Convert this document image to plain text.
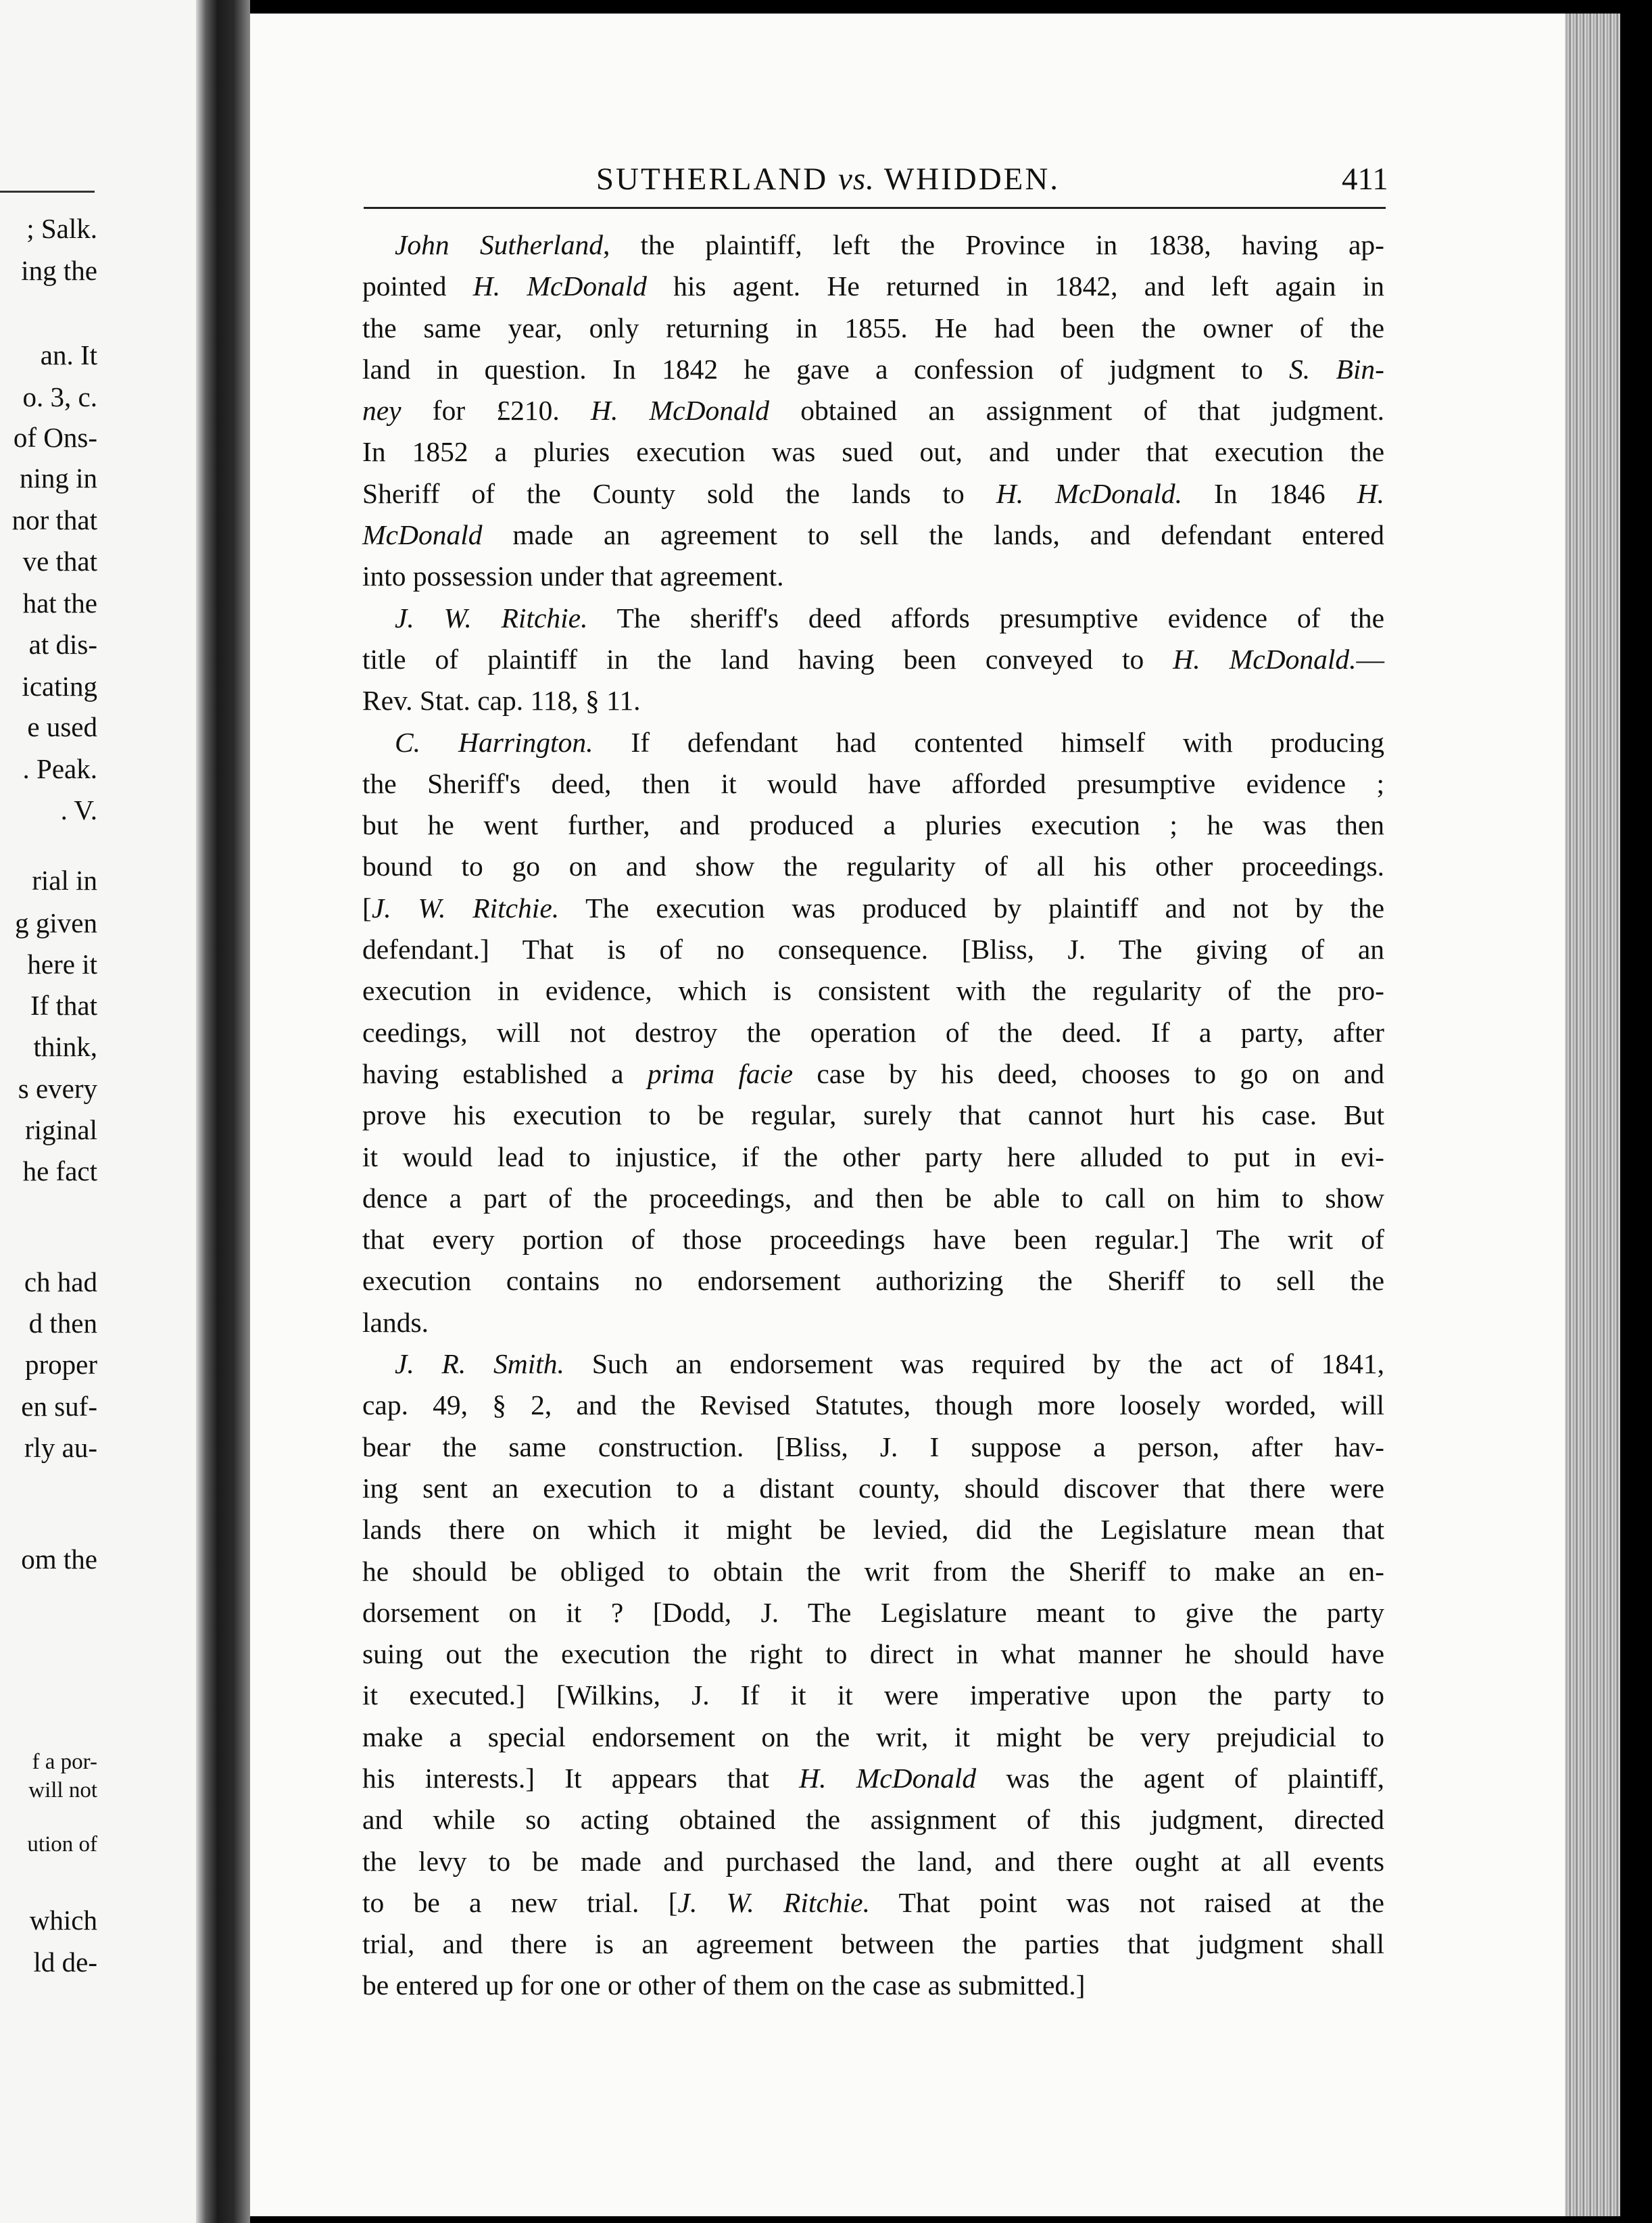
; Salk.
ing the
an. It
o. 3, c.
of Ons-
ning in
nor that
ve that
hat the
at dis-
icating
e used
. Peak.
. V.
rial in
g given
here it
If that
think,
s every
riginal
he fact
ch had
d then
proper
en suf-
rly au-
om the
f a por-
will not
ution of
which
ld de-
SUTHERLAND vs. WHIDDEN.	411
John Sutherland, the plaintiff, left the Province in 1838, having ap-
pointed H. McDonald his agent. He returned in 1842, and left again in
the same year, only returning in 1855. He had been the owner of the
land in question. In 1842 he gave a confession of judgment to S. Bin-
ney for £210. H. McDonald obtained an assignment of that judgment.
In 1852 a pluries execution was sued out, and under that execution the
Sheriff of the County sold the lands to H. McDonald. In 1846 H.
McDonald made an agreement to sell the lands, and defendant entered
into possession under that agreement.
J. W. Ritchie. The sheriff's deed affords presumptive evidence of the
title of plaintiff in the land having been conveyed to H. McDonald.—
Rev. Stat. cap. 118, § 11.
C. Harrington. If defendant had contented himself with producing
the Sheriff's deed, then it would have afforded presumptive evidence ;
but he went further, and produced a pluries execution ; he was then
bound to go on and show the regularity of all his other proceedings.
[J. W. Ritchie. The execution was produced by plaintiff and not by the
defendant.] That is of no consequence. [Bliss, J. The giving of an
execution in evidence, which is consistent with the regularity of the pro-
ceedings, will not destroy the operation of the deed. If a party, after
having established a prima facie case by his deed, chooses to go on and
prove his execution to be regular, surely that cannot hurt his case. But
it would lead to injustice, if the other party here alluded to put in evi-
dence a part of the proceedings, and then be able to call on him to show
that every portion of those proceedings have been regular.] The writ of
execution contains no endorsement authorizing the Sheriff to sell the
lands.
J. R. Smith. Such an endorsement was required by the act of 1841,
cap. 49, § 2, and the Revised Statutes, though more loosely worded, will
bear the same construction. [Bliss, J. I suppose a person, after hav-
ing sent an execution to a distant county, should discover that there were
lands there on which it might be levied, did the Legislature mean that
he should be obliged to obtain the writ from the Sheriff to make an en-
dorsement on it ? [Dodd, J. The Legislature meant to give the party
suing out the execution the right to direct in what manner he should have
it executed.] [Wilkins, J. If it it were imperative upon the party to
make a special endorsement on the writ, it might be very prejudicial to
his interests.] It appears that H. McDonald was the agent of plaintiff,
and while so acting obtained the assignment of this judgment, directed
the levy to be made and purchased the land, and there ought at all events
to be a new trial. [J. W. Ritchie. That point was not raised at the
trial, and there is an agreement between the parties that judgment shall
be entered up for one or other of them on the case as submitted.]
